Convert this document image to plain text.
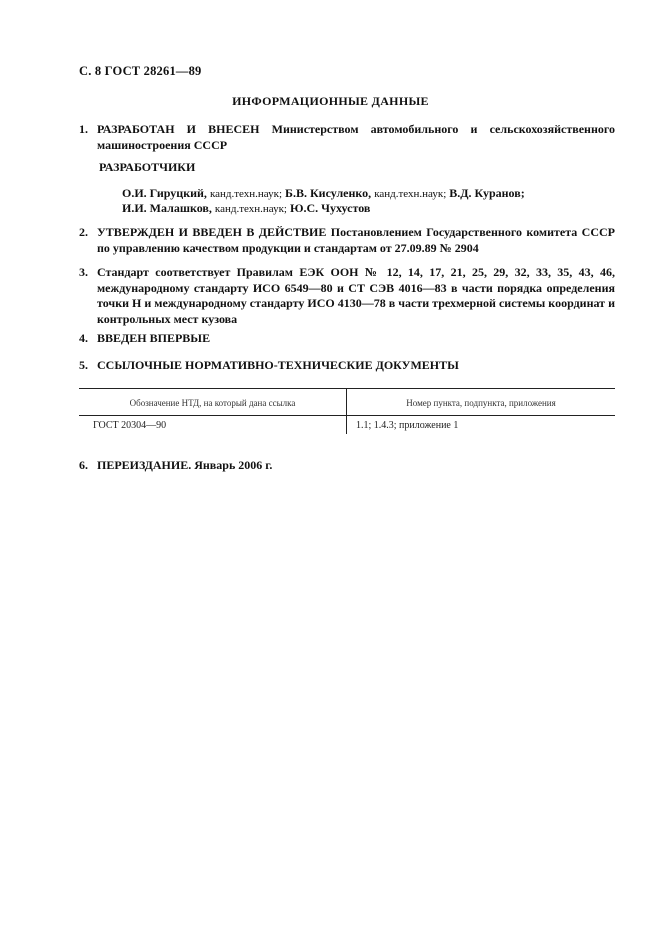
С. 8 ГОСТ 28261—89
ИНФОРМАЦИОННЫЕ ДАННЫЕ
1. РАЗРАБОТАН И ВНЕСЕН Министерством автомобильного и сельскохозяйственного машиностроения СССР
РАЗРАБОТЧИКИ
О.И. Гируцкий, канд.техн.наук; Б.В. Кисуленко, канд.техн.наук; В.Д. Куранов;
И.И. Малашков, канд.техн.наук; Ю.С. Чухустов
2. УТВЕРЖДЕН И ВВЕДЕН В ДЕЙСТВИЕ Постановлением Государственного комитета СССР по управлению качеством продукции и стандартам от 27.09.89 № 2904
3. Стандарт соответствует Правилам ЕЭК ООН № 12, 14, 17, 21, 25, 29, 32, 33, 35, 43, 46, международному стандарту ИСО 6549—80 и СТ СЭВ 4016—83 в части порядка определения точки Н и международному стандарту ИСО 4130—78 в части трехмерной системы координат и контрольных мест кузова
4. ВВЕДЕН ВПЕРВЫЕ
5. ССЫЛОЧНЫЕ НОРМАТИВНО-ТЕХНИЧЕСКИЕ ДОКУМЕНТЫ
Обозначение НТД, на который дана ссылка	Номер пункта, подпункта, приложения
ГОСТ 20304—90	1.1; 1.4.3; приложение 1
6. ПЕРЕИЗДАНИЕ. Январь 2006 г.
